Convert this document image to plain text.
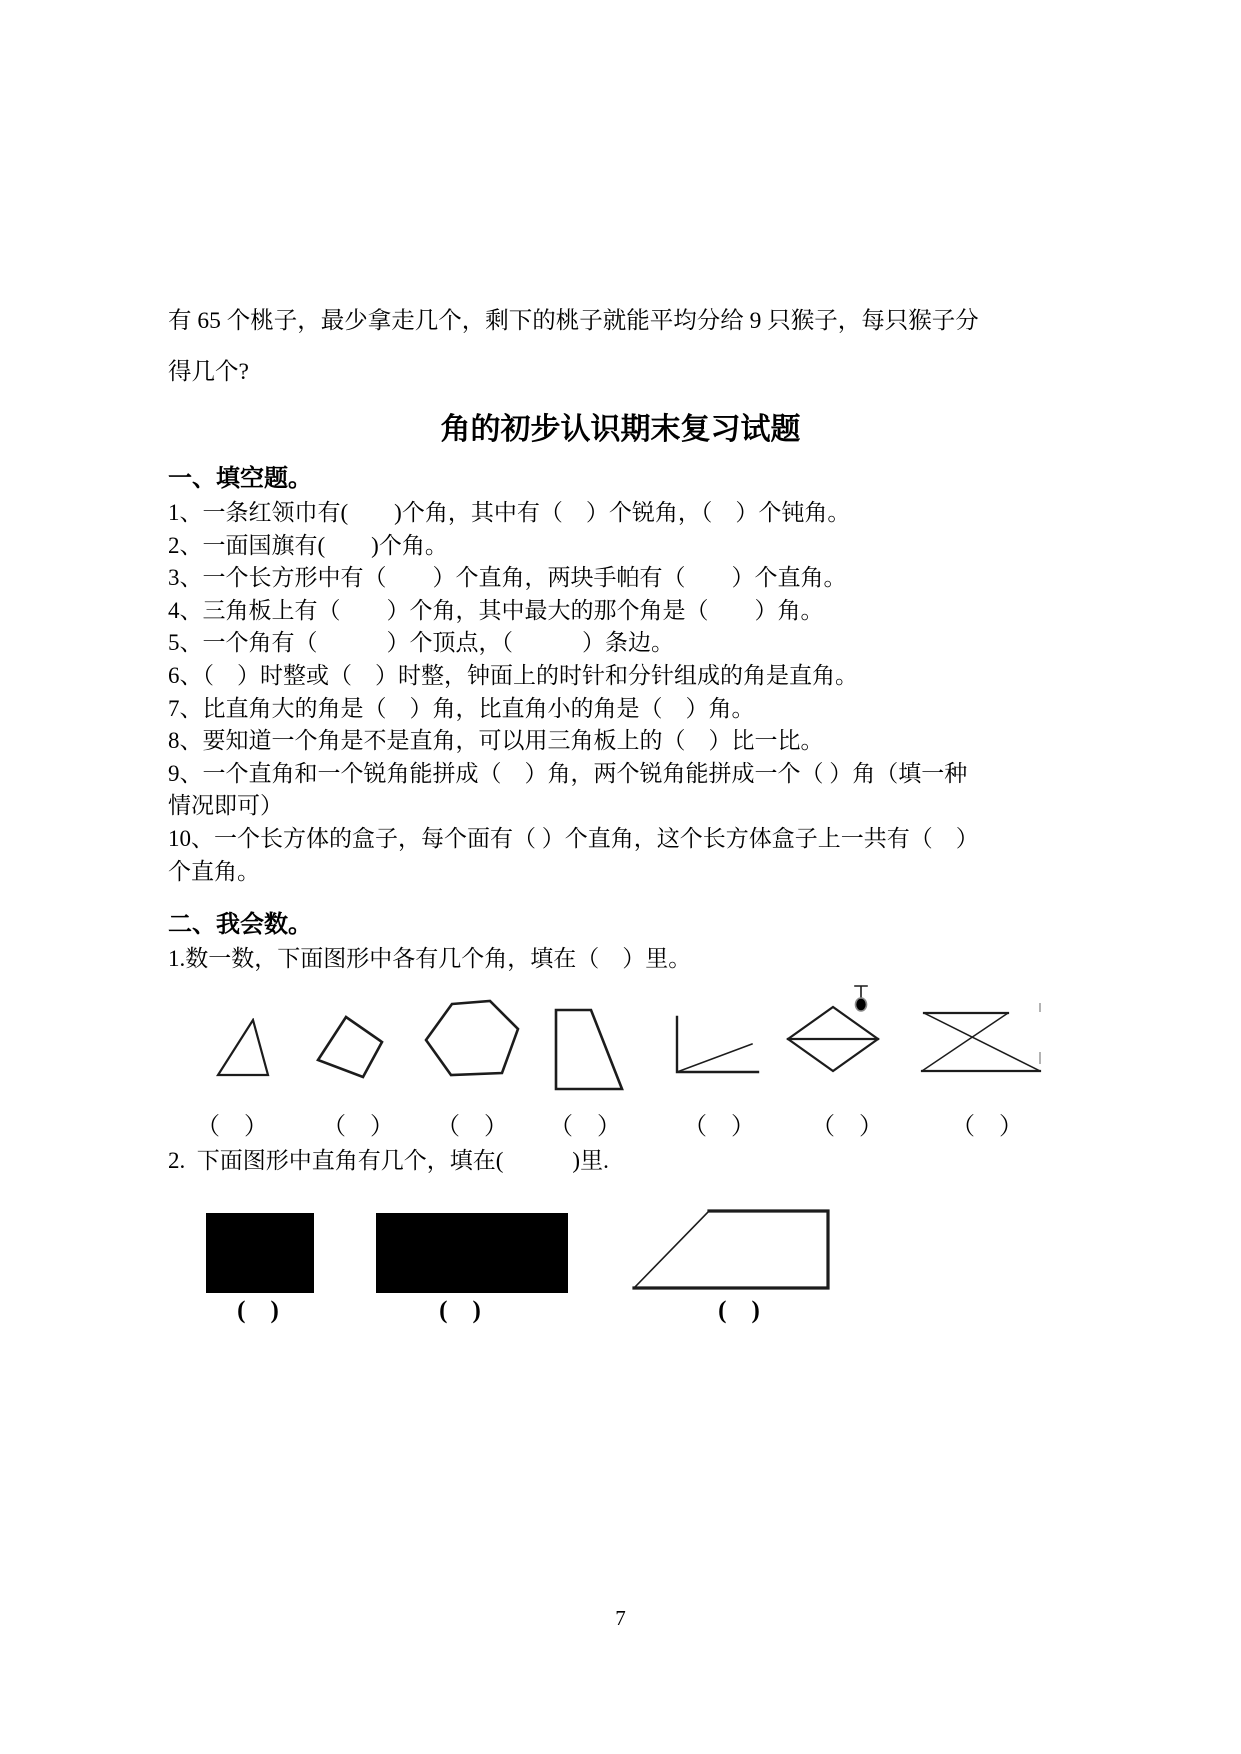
有 65 个桃子，最少拿走几个，剩下的桃子就能平均分给 9 只猴子，每只猴子分
得几个?
角的初步认识期末复习试题
一、填空题。
1、一条红领巾有(　　)个角，其中有（　）个锐角，（　）个钝角。
2、一面国旗有(　　)个角。
3、一个长方形中有（　　）个直角，两块手帕有（　　）个直角。
4、三角板上有（　　）个角，其中最大的那个角是（　　）角。
5、一个角有（　　　）个顶点，（　　　）条边。
6、（　）时整或（　）时整，钟面上的时针和分针组成的角是直角。
7、比直角大的角是（　）角，比直角小的角是（　）角。
8、要知道一个角是不是直角，可以用三角板上的（　）比一比。
9、一个直角和一个锐角能拼成（　）角，两个锐角能拼成一个（ ）角（填一种
情况即可）
10、一个长方体的盒子，每个面有（ ）个直角，这个长方体盒子上一共有（　）
个直角。
二、我会数。
1.数一数，下面图形中各有几个角，填在（　）里。
（　） （　） （　） （　）	（　） （　）	（　）
2.  下面图形中直角有几个，填在(　　　)里.
(　)	(　)	(　)
7
